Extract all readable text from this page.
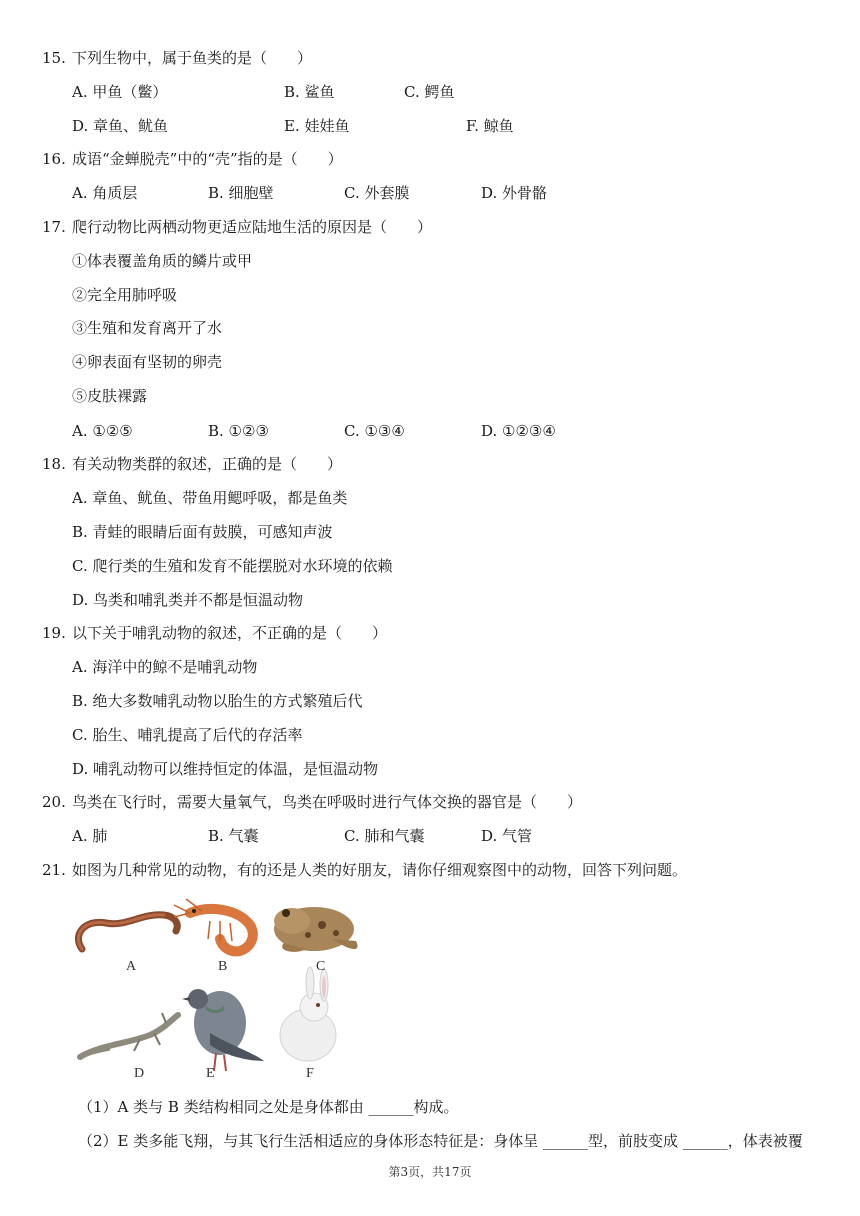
15. 下列生物中，属于鱼类的是（　　）
A. 甲鱼（鳖）	B. 鲨鱼	C. 鳄鱼
D. 章鱼、鱿鱼	E. 娃娃鱼	F. 鲸鱼
16. 成语“金蝉脱壳”中的“壳”指的是（　　）
A. 角质层	B. 细胞壁	C. 外套膜	D. 外骨骼
17. 爬行动物比两栖动物更适应陆地生活的原因是（　　）
①体表覆盖角质的鳞片或甲
②完全用肺呼吸
③生殖和发育离开了水
④卵表面有坚韧的卵壳
⑤皮肤裸露
A. ①②⑤	B. ①②③	C. ①③④	D. ①②③④
18. 有关动物类群的叙述，正确的是（　　）
A. 章鱼、鱿鱼、带鱼用鳃呼吸，都是鱼类
B. 青蛙的眼睛后面有鼓膜，可感知声波
C. 爬行类的生殖和发育不能摆脱对水环境的依赖
D. 鸟类和哺乳类并不都是恒温动物
19. 以下关于哺乳动物的叙述，不正确的是（　　）
A. 海洋中的鲸不是哺乳动物
B. 绝大多数哺乳动物以胎生的方式繁殖后代
C. 胎生、哺乳提高了后代的存活率
D. 哺乳动物可以维持恒定的体温，是恒温动物
20. 鸟类在飞行时，需要大量氧气，鸟类在呼吸时进行气体交换的器官是（　　）
A. 肺	B. 气囊	C. 肺和气囊	D. 气管
21. 如图为几种常见的动物，有的还是人类的好朋友，请你仔细观察图中的动物，回答下列问题。
A	B	C
D	E	F
（1）A 类与 B 类结构相同之处是身体都由 ______构成。
（2）E 类多能飞翔，与其飞行生活相适应的身体形态特征是：身体呈 ______型，前肢变成 ______，体表被覆
第3页，共17页
